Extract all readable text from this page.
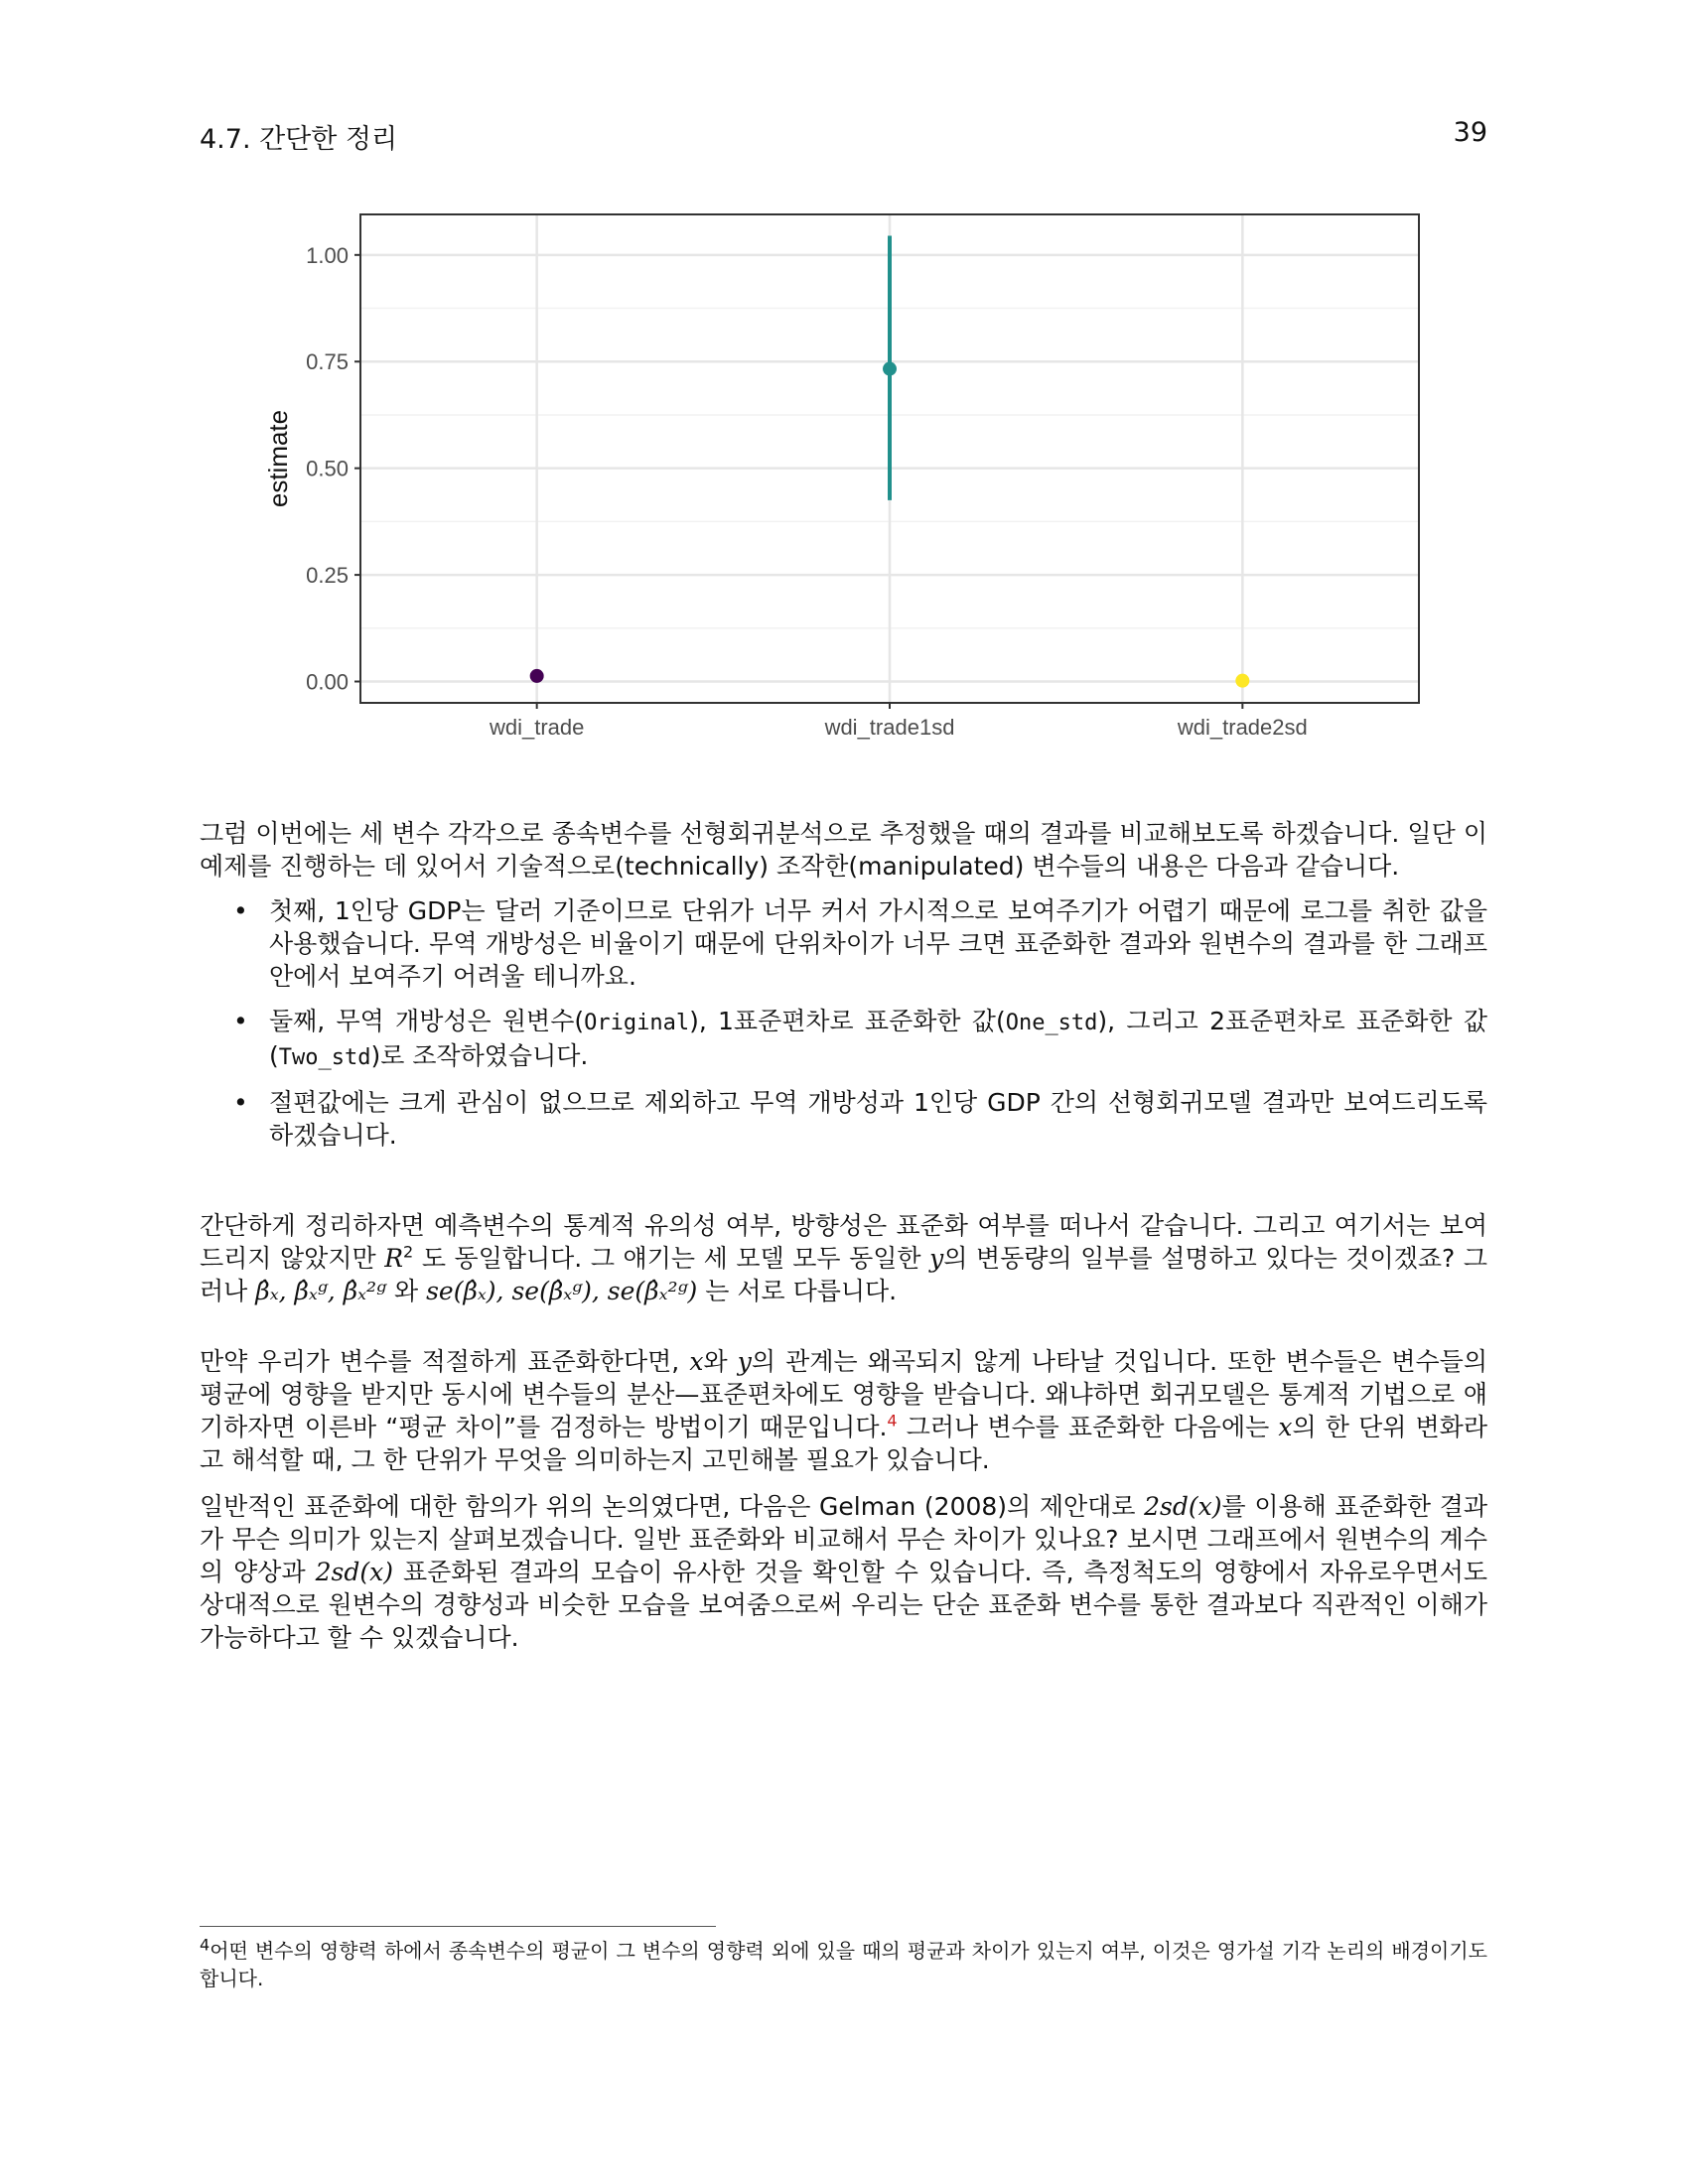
4.7. 간단한 정리	39
0.00
0.25
0.50
0.75
1.00
wdi_trade	wdi_trade1sd	wdi_trade2sd
estimate

그럼 이번에는 세 변수 각각으로 종속변수를 선형회귀분석으로 추정했을 때의 결과를 비교해보도록 하겠습니다. 일단 이 예제를 진행하는 데 있어서 기술적으로(technically) 조작한(manipulated) 변수들의 내용은 다음과 같습니다.

• 첫째, 1인당 GDP는 달러 기준이므로 단위가 너무 커서 가시적으로 보여주기가 어렵기 때문에 로그를 취한 값을 사용했습니다. 무역 개방성은 비율이기 때문에 단위차이가 너무 크면 표준화한 결과와 원변수의 결과를 한 그래프 안에서 보여주기 어려울 테니까요.
• 둘째, 무역 개방성은 원변수(Original), 1표준편차로 표준화한 값(One_std), 그리고 2표준편차로 표준화한 값(Two_std)로 조작하였습니다.
• 절편값에는 크게 관심이 없으므로 제외하고 무역 개방성과 1인당 GDP 간의 선형회귀모델 결과만 보여드리도록 하겠습니다.

간단하게 정리하자면 예측변수의 통계적 유의성 여부, 방향성은 표준화 여부를 떠나서 같습니다. 그리고 여기서는 보여드리지 않았지만 $R^2$ 도 동일합니다. 그 얘기는 세 모델 모두 동일한 y의 변동량의 일부를 설명하고 있다는 것이겠죠? 그러나 β̂ₓ, β̂ₓᵍ, β̂ₓ²ᵍ 와 se(β̂ₓ), se(β̂ₓᵍ), se(β̂ₓ²ᵍ) 는 서로 다릅니다.

만약 우리가 변수를 적절하게 표준화한다면, x와 y의 관계는 왜곡되지 않게 나타날 것입니다. 또한 변수들은 변수들의 평균에 영향을 받지만 동시에 변수들의 분산—표준편차에도 영향을 받습니다. 왜냐하면 회귀모델은 통계적 기법으로 얘기하자면 이른바 “평균 차이”를 검정하는 방법이기 때문입니다.$^4$ 그러나 변수를 표준화한 다음에는 x의 한 단위 변화라고 해석할 때, 그 한 단위가 무엇을 의미하는지 고민해볼 필요가 있습니다.

일반적인 표준화에 대한 함의가 위의 논의였다면, 다음은 Gelman (2008)의 제안대로 2sd(x)를 이용해 표준화한 결과가 무슨 의미가 있는지 살펴보겠습니다. 일반 표준화와 비교해서 무슨 차이가 있나요? 보시면 그래프에서 원변수의 계수의 양상과 2sd(x) 표준화된 결과의 모습이 유사한 것을 확인할 수 있습니다. 즉, 측정척도의 영향에서 자유로우면서도 상대적으로 원변수의 경향성과 비슷한 모습을 보여줌으로써 우리는 단순 표준화 변수를 통한 결과보다 직관적인 이해가 가능하다고 할 수 있겠습니다.

$^4$어떤 변수의 영향력 하에서 종속변수의 평균이 그 변수의 영향력 외에 있을 때의 평균과 차이가 있는지 여부, 이것은 영가설 기각 논리의 배경이기도 합니다.
